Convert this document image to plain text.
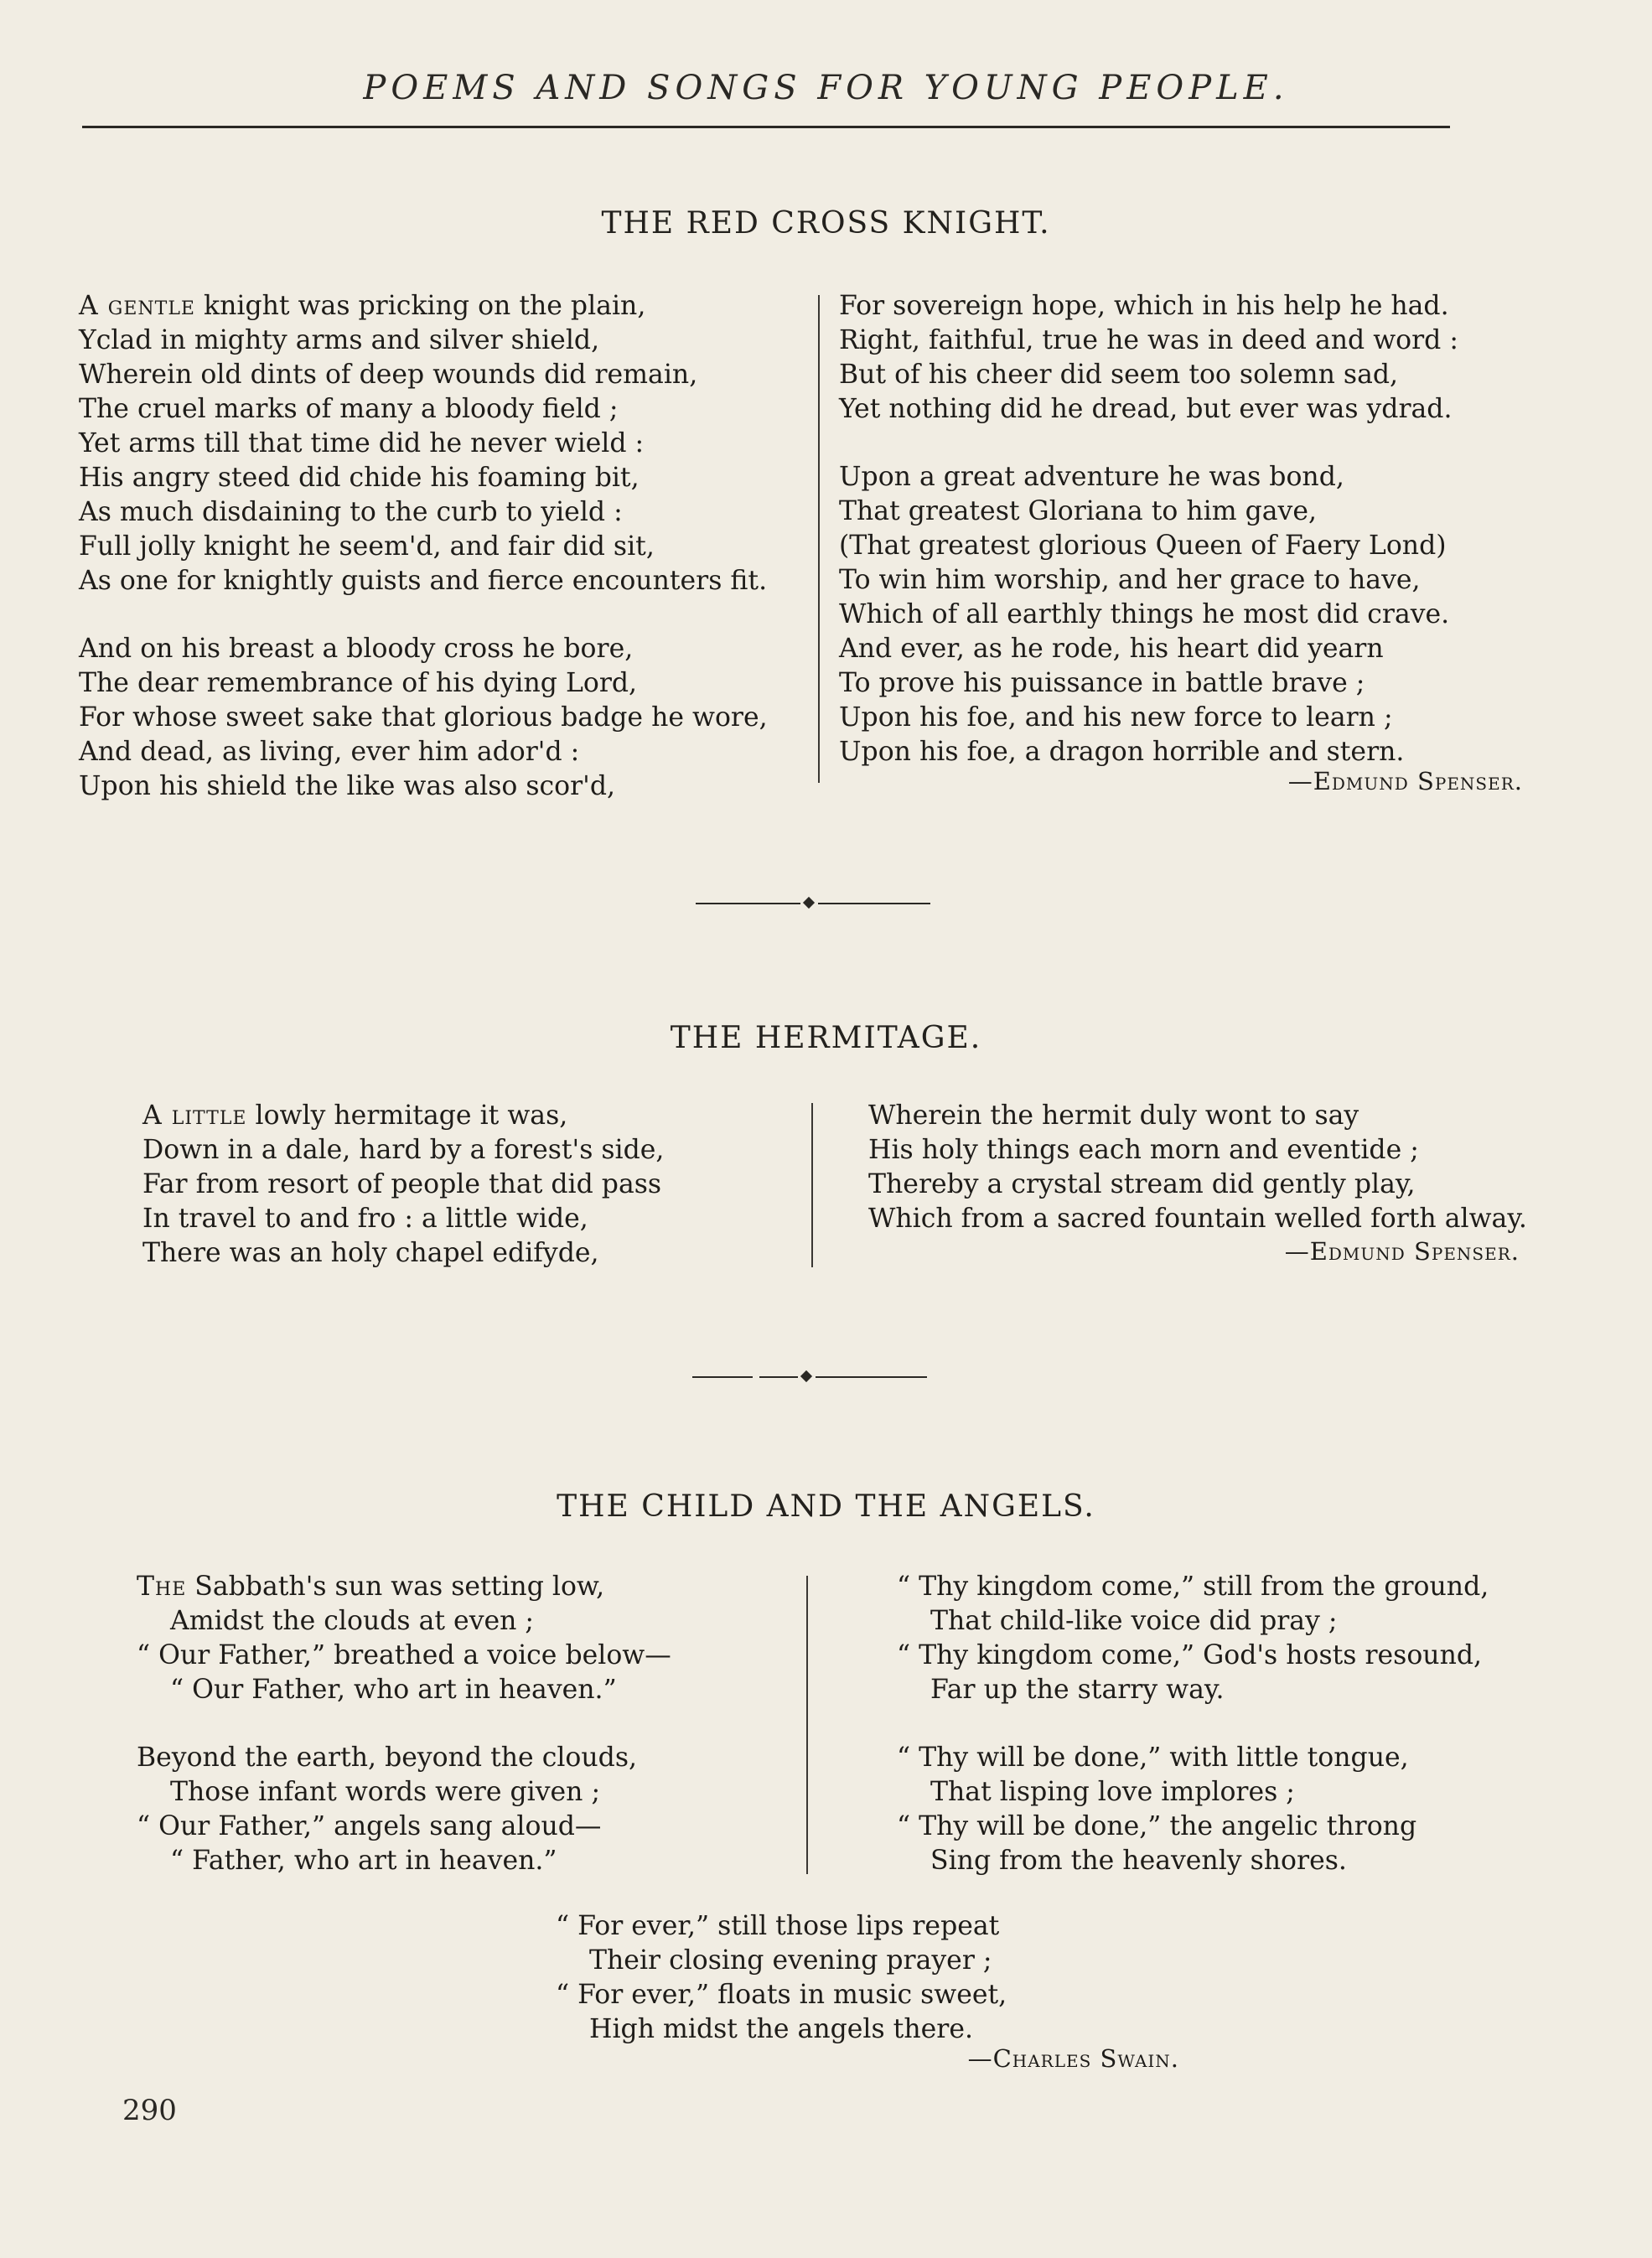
POEMS AND SONGS FOR YOUNG PEOPLE.
THE RED CROSS KNIGHT.
A gentle knight was pricking on the plain,
Yclad in mighty arms and silver shield,
Wherein old dints of deep wounds did remain,
The cruel marks of many a bloody field ;
Yet arms till that time did he never wield :
His angry steed did chide his foaming bit,
As much disdaining to the curb to yield :
Full jolly knight he seem'd, and fair did sit,
As one for knightly guists and fierce encounters fit.
And on his breast a bloody cross he bore,
The dear remembrance of his dying Lord,
For whose sweet sake that glorious badge he wore,
And dead, as living, ever him ador'd :
Upon his shield the like was also scor'd,
For sovereign hope, which in his help he had.
Right, faithful, true he was in deed and word :
But of his cheer did seem too solemn sad,
Yet nothing did he dread, but ever was ydrad.
Upon a great adventure he was bond,
That greatest Gloriana to him gave,
(That greatest glorious Queen of Faery Lond)
To win him worship, and her grace to have,
Which of all earthly things he most did crave.
And ever, as he rode, his heart did yearn
To prove his puissance in battle brave ;
Upon his foe, and his new force to learn ;
Upon his foe, a dragon horrible and stern.
—Edmund Spenser.
THE HERMITAGE.
A little lowly hermitage it was,
Down in a dale, hard by a forest's side,
Far from resort of people that did pass
In travel to and fro : a little wide,
There was an holy chapel edifyde,
Wherein the hermit duly wont to say
His holy things each morn and eventide ;
Thereby a crystal stream did gently play,
Which from a sacred fountain welled forth alway.
—Edmund Spenser.
THE CHILD AND THE ANGELS.
The Sabbath's sun was setting low,
Amidst the clouds at even ;
“ Our Father,” breathed a voice below—
“ Our Father, who art in heaven.”
Beyond the earth, beyond the clouds,
Those infant words were given ;
“ Our Father,” angels sang aloud—
“ Father, who art in heaven.”
“ Thy kingdom come,” still from the ground,
That child-like voice did pray ;
“ Thy kingdom come,” God's hosts resound,
Far up the starry way.
“ Thy will be done,” with little tongue,
That lisping love implores ;
“ Thy will be done,” the angelic throng
Sing from the heavenly shores.
“ For ever,” still those lips repeat
Their closing evening prayer ;
“ For ever,” floats in music sweet,
High midst the angels there.
—Charles Swain.
290
